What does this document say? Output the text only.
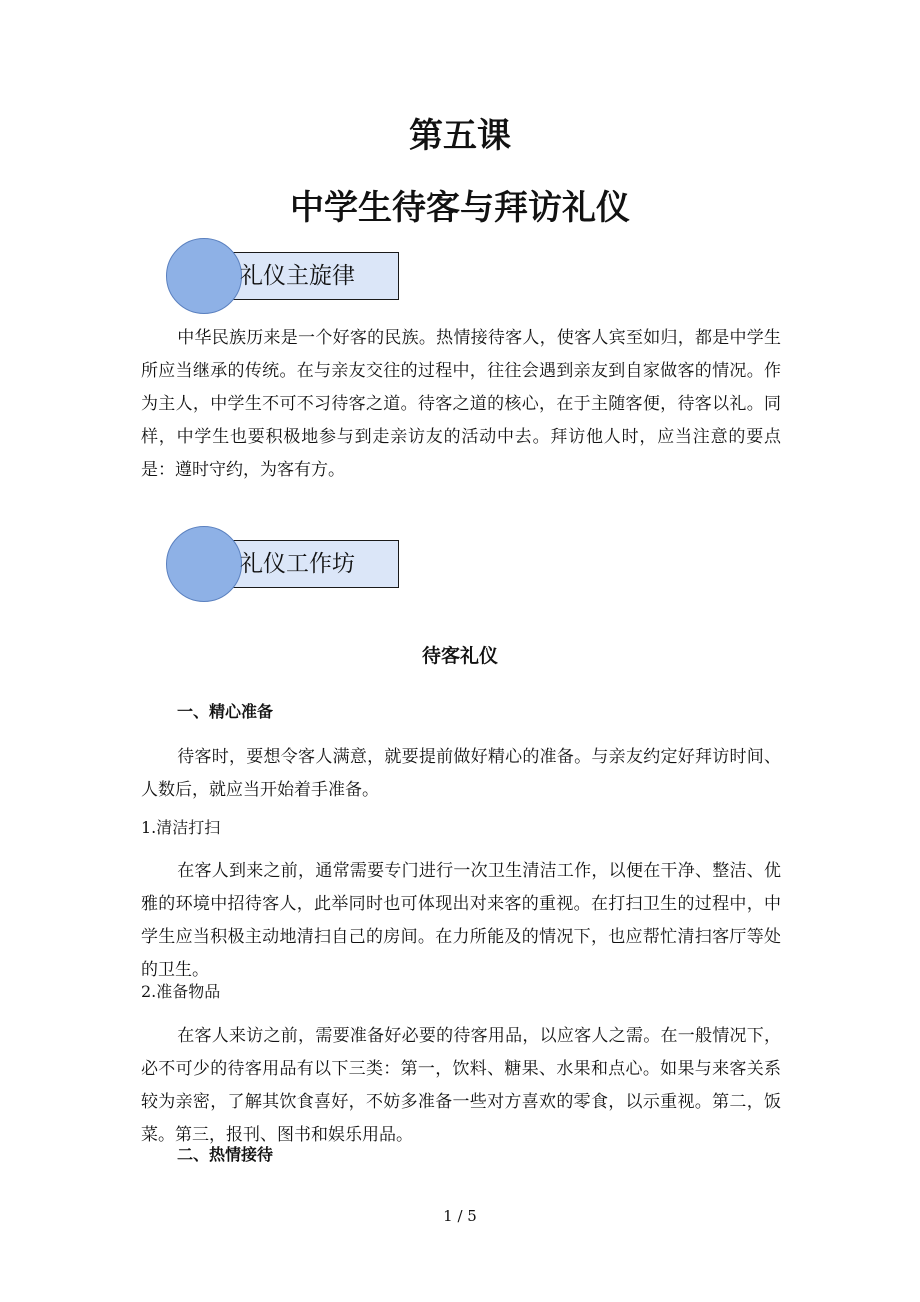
第五课
中学生待客与拜访礼仪
礼仪主旋律

中华民族历来是一个好客的民族。热情接待客人，使客人宾至如归，都是中学生所应当继承的传统。在与亲友交往的过程中，往往会遇到亲友到自家做客的情况。作为主人，中学生不可不习待客之道。待客之道的核心，在于主随客便，待客以礼。同样，中学生也要积极地参与到走亲访友的活动中去。拜访他人时，应当注意的要点是：遵时守约，为客有方。

礼仪工作坊
待客礼仪
一、精心准备

待客时，要想令客人满意，就要提前做好精心的准备。与亲友约定好拜访时间、人数后，就应当开始着手准备。

1.清洁打扫

在客人到来之前，通常需要专门进行一次卫生清洁工作，以便在干净、整洁、优雅的环境中招待客人，此举同时也可体现出对来客的重视。在打扫卫生的过程中，中学生应当积极主动地清扫自己的房间。在力所能及的情况下，也应帮忙清扫客厅等处的卫生。

2.准备物品

在客人来访之前，需要准备好必要的待客用品，以应客人之需。在一般情况下，必不可少的待客用品有以下三类：第一，饮料、糖果、水果和点心。如果与来客关系较为亲密，了解其饮食喜好，不妨多准备一些对方喜欢的零食，以示重视。第二，饭菜。第三，报刊、图书和娱乐用品。

二、热情接待
1 / 5
